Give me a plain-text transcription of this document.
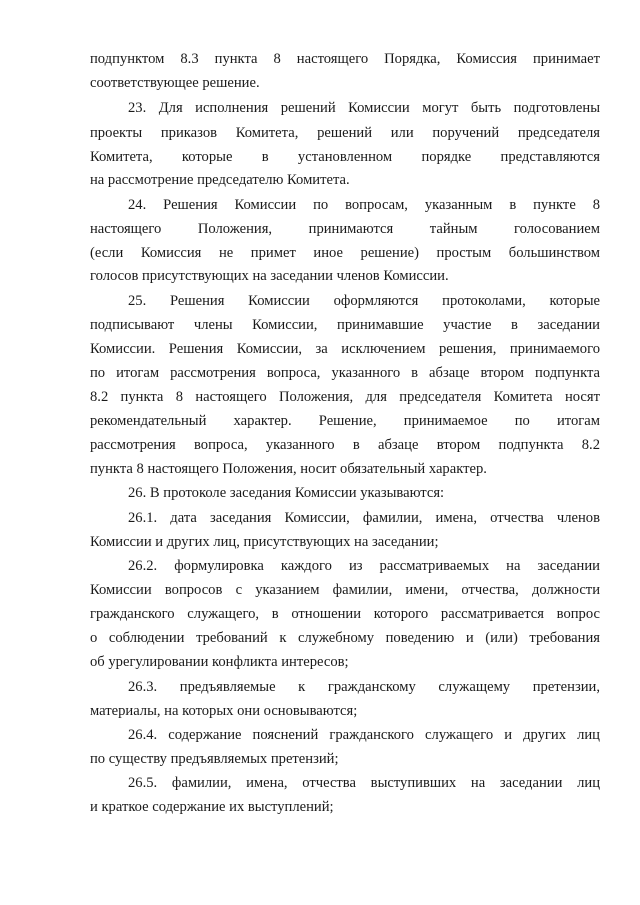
подпунктом 8.3 пункта 8 настоящего Порядка, Комиссия принимает
соответствующее решение.
23. Для исполнения решений Комиссии могут быть подготовлены
проекты приказов Комитета, решений или поручений председателя
Комитета, которые в установленном порядке представляются
на рассмотрение председателю Комитета.
24. Решения Комиссии по вопросам, указанным в пункте 8
настоящего Положения, принимаются тайным голосованием
(если Комиссия не примет иное решение) простым большинством
голосов присутствующих на заседании членов Комиссии.
25. Решения Комиссии оформляются протоколами, которые
подписывают члены Комиссии, принимавшие участие в заседании
Комиссии. Решения Комиссии, за исключением решения, принимаемого
по итогам рассмотрения вопроса, указанного в абзаце втором подпункта
8.2 пункта 8 настоящего Положения, для председателя Комитета носят
рекомендательный характер. Решение, принимаемое по итогам
рассмотрения вопроса, указанного в абзаце втором подпункта 8.2
пункта 8 настоящего Положения, носит обязательный характер.
26. В протоколе заседания Комиссии указываются:
26.1. дата заседания Комиссии, фамилии, имена, отчества членов
Комиссии и других лиц, присутствующих на заседании;
26.2. формулировка каждого из рассматриваемых на заседании
Комиссии вопросов с указанием фамилии, имени, отчества, должности
гражданского служащего, в отношении которого рассматривается вопрос
о соблюдении требований к служебному поведению и (или) требования
об урегулировании конфликта интересов;
26.3. предъявляемые к гражданскому служащему претензии,
материалы, на которых они основываются;
26.4. содержание пояснений гражданского служащего и других лиц
по существу предъявляемых претензий;
26.5. фамилии, имена, отчества выступивших на заседании лиц
и краткое содержание их выступлений;
